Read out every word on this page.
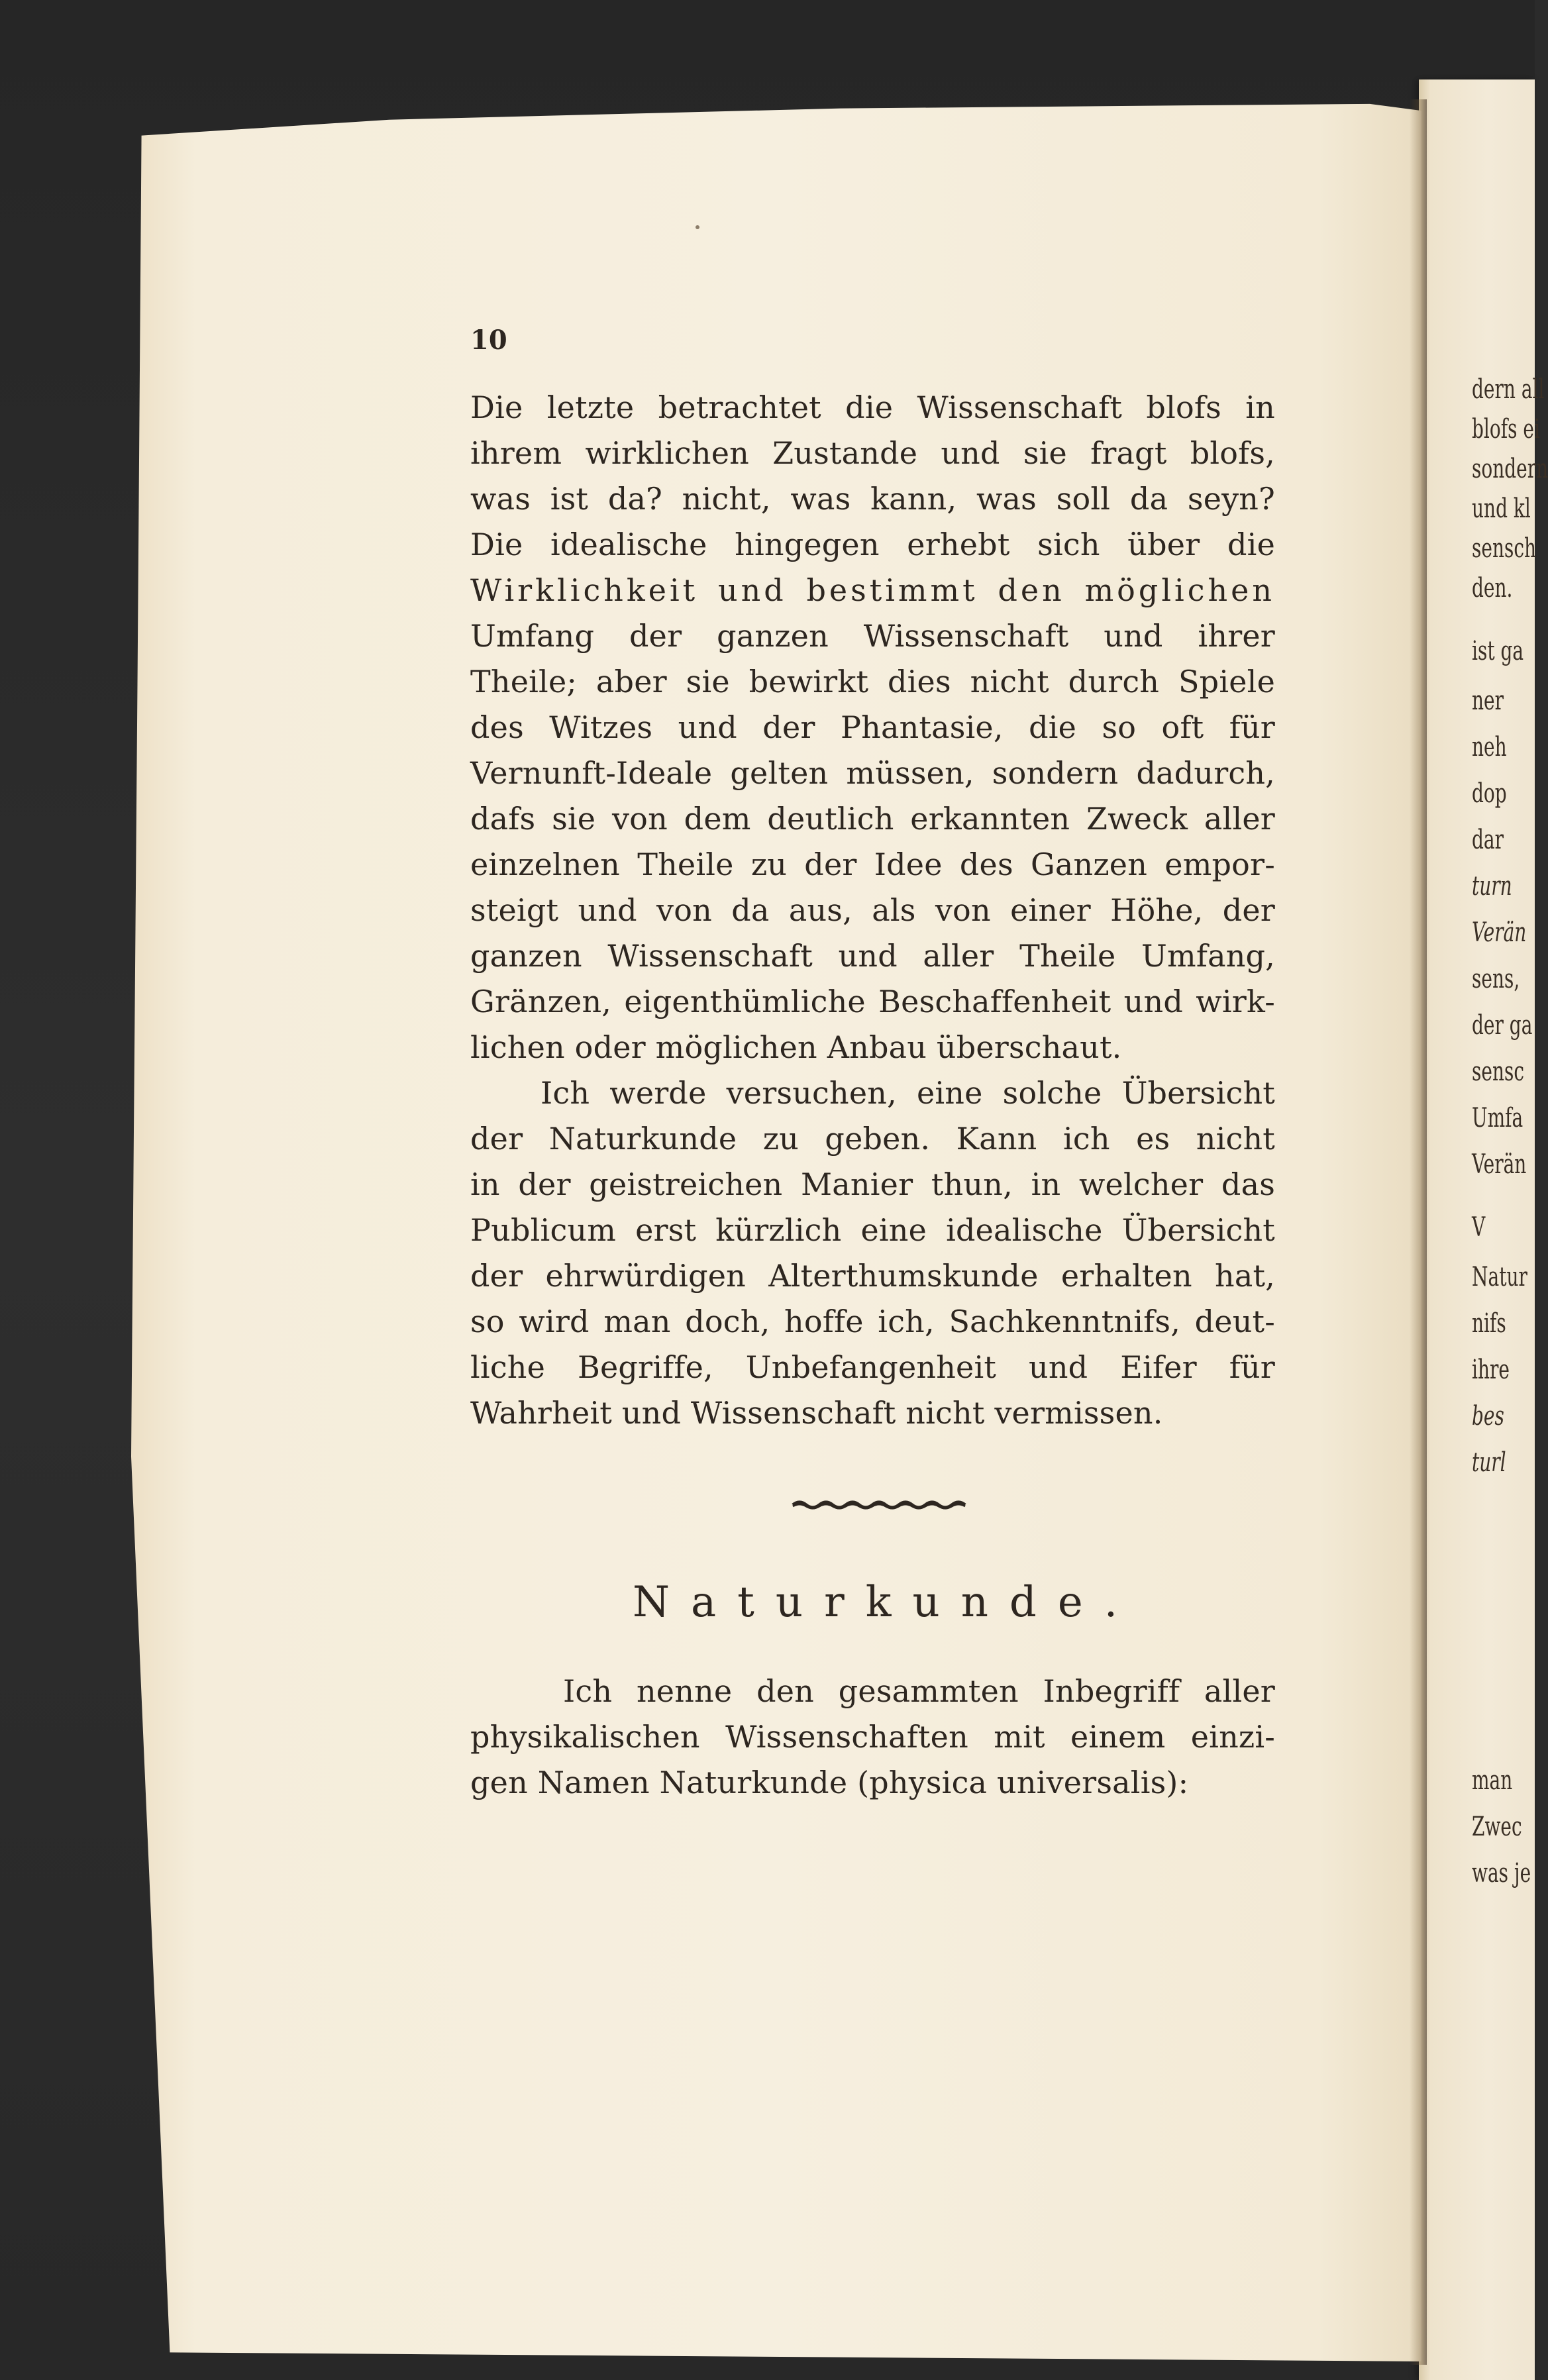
dern all
blofs ei
sondern
und kl
sensch
den.
ist ga
ner
neh
dop
dar
turn
Verän
sens,
der ga
sensc
Umfa
Verän
V
Natur
nifs
ihre
bes
turl
man
Zwec
was je
10
Die letzte betrachtet die Wissenschaft blofs in
ihrem wirklichen Zustande und sie fragt blofs,
was ist da? nicht, was kann, was soll da seyn?
Die idealische hingegen erhebt sich über die
Wirklichkeit und bestimmt den möglichen
Umfang der ganzen Wissenschaft und ihrer
Theile; aber sie bewirkt dies nicht durch Spiele
des Witzes und der Phantasie, die so oft für
Vernunft-Ideale gelten müssen, sondern dadurch,
dafs sie von dem deutlich erkannten Zweck aller
einzelnen Theile zu der Idee des Ganzen empor-
steigt und von da aus, als von einer Höhe, der
ganzen Wissenschaft und aller Theile Umfang,
Gränzen, eigenthümliche Beschaffenheit und wirk-
lichen oder möglichen Anbau überschaut.
Ich werde versuchen, eine solche Übersicht
der Naturkunde zu geben. Kann ich es nicht
in der geistreichen Manier thun, in welcher das
Publicum erst kürzlich eine idealische Übersicht
der ehrwürdigen Alterthumskunde erhalten hat,
so wird man doch, hoffe ich, Sachkenntnifs, deut-
liche Begriffe, Unbefangenheit und Eifer für
Wahrheit und Wissenschaft nicht vermissen.
Ich nenne den gesammten Inbegriff aller
physikalischen Wissenschaften mit einem einzi-
gen Namen Naturkunde (physica universalis):
Naturkunde.
